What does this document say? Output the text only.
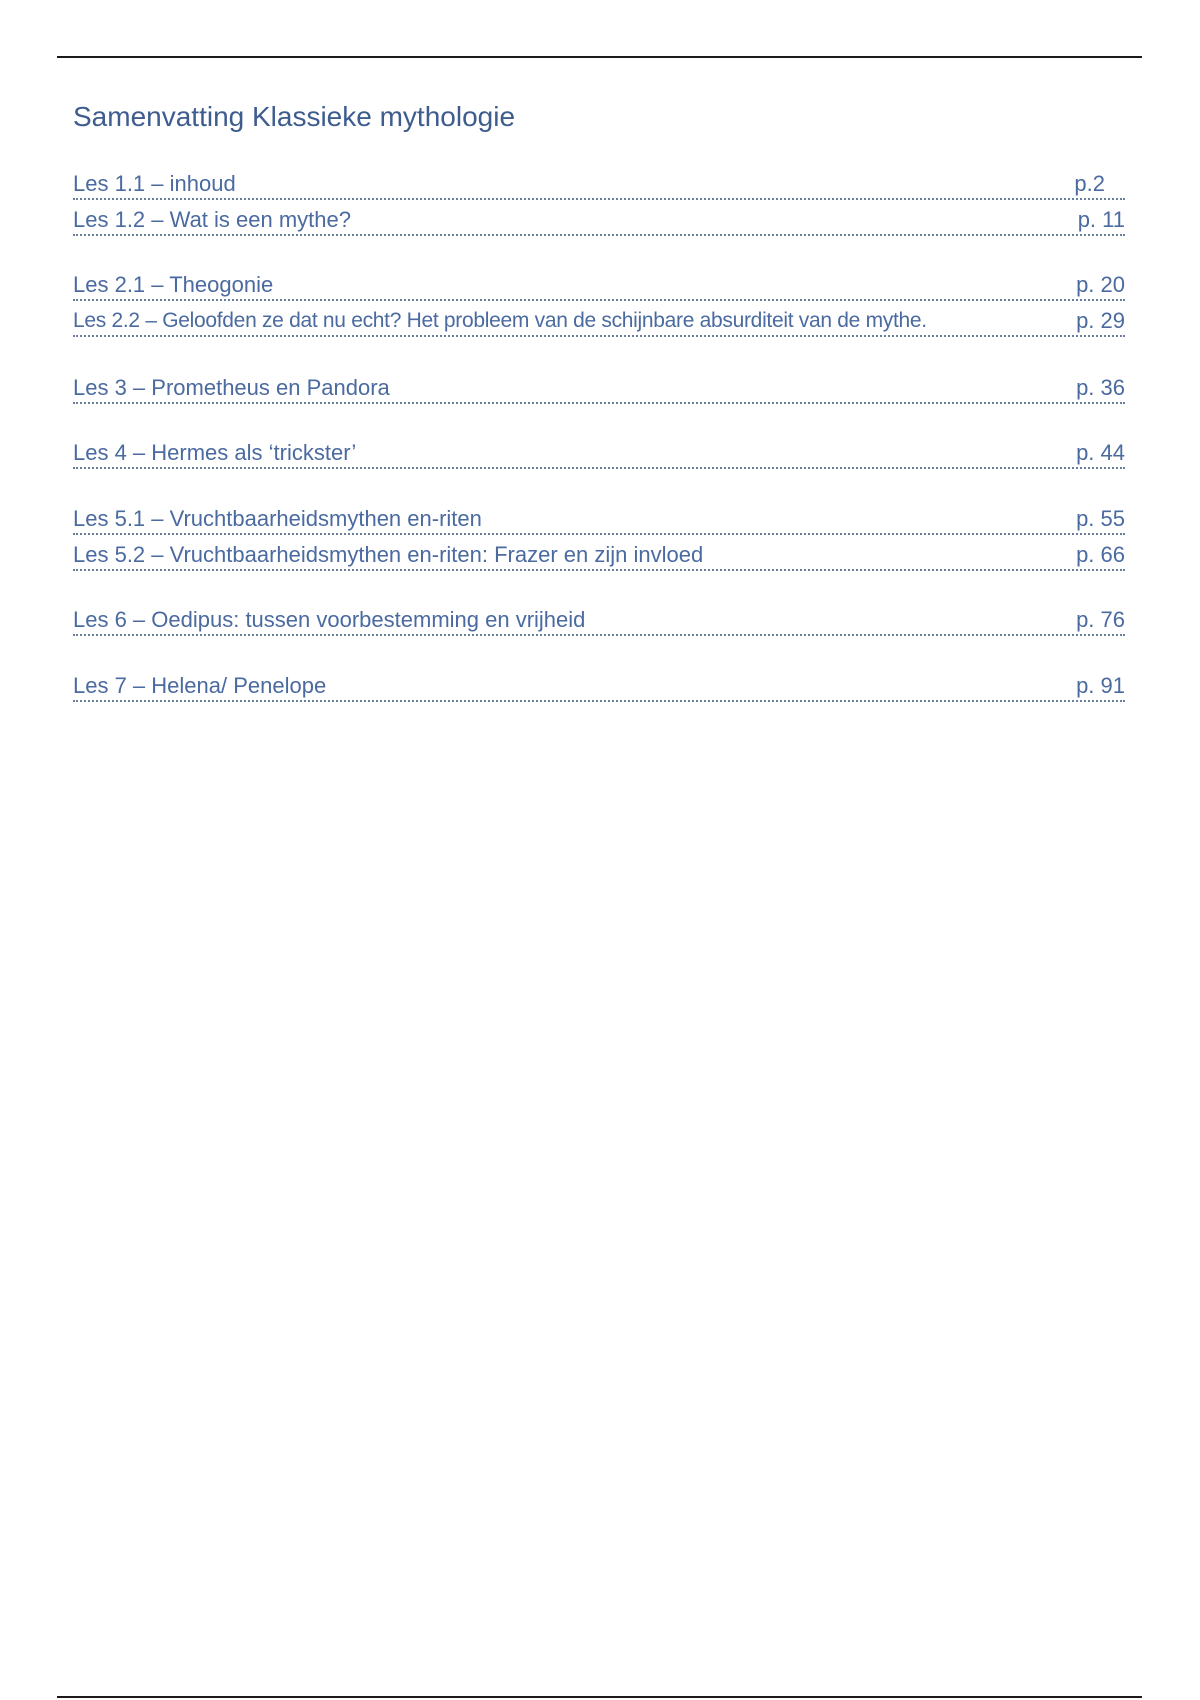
Samenvatting Klassieke mythologie
Les 1.1 – inhoud	p.2
Les 1.2 – Wat is een mythe?	p. 11
Les 2.1 – Theogonie	p. 20
Les 2.2 – Geloofden ze dat nu echt? Het probleem van de schijnbare absurditeit van de mythe.	p. 29
Les 3 – Prometheus en Pandora	p. 36
Les 4 – Hermes als ‘trickster’	p. 44
Les 5.1 – Vruchtbaarheidsmythen en-riten	p. 55
Les 5.2 – Vruchtbaarheidsmythen en-riten: Frazer en zijn invloed	p. 66
Les 6 – Oedipus: tussen voorbestemming en vrijheid	p. 76
Les 7 – Helena/ Penelope	p. 91
